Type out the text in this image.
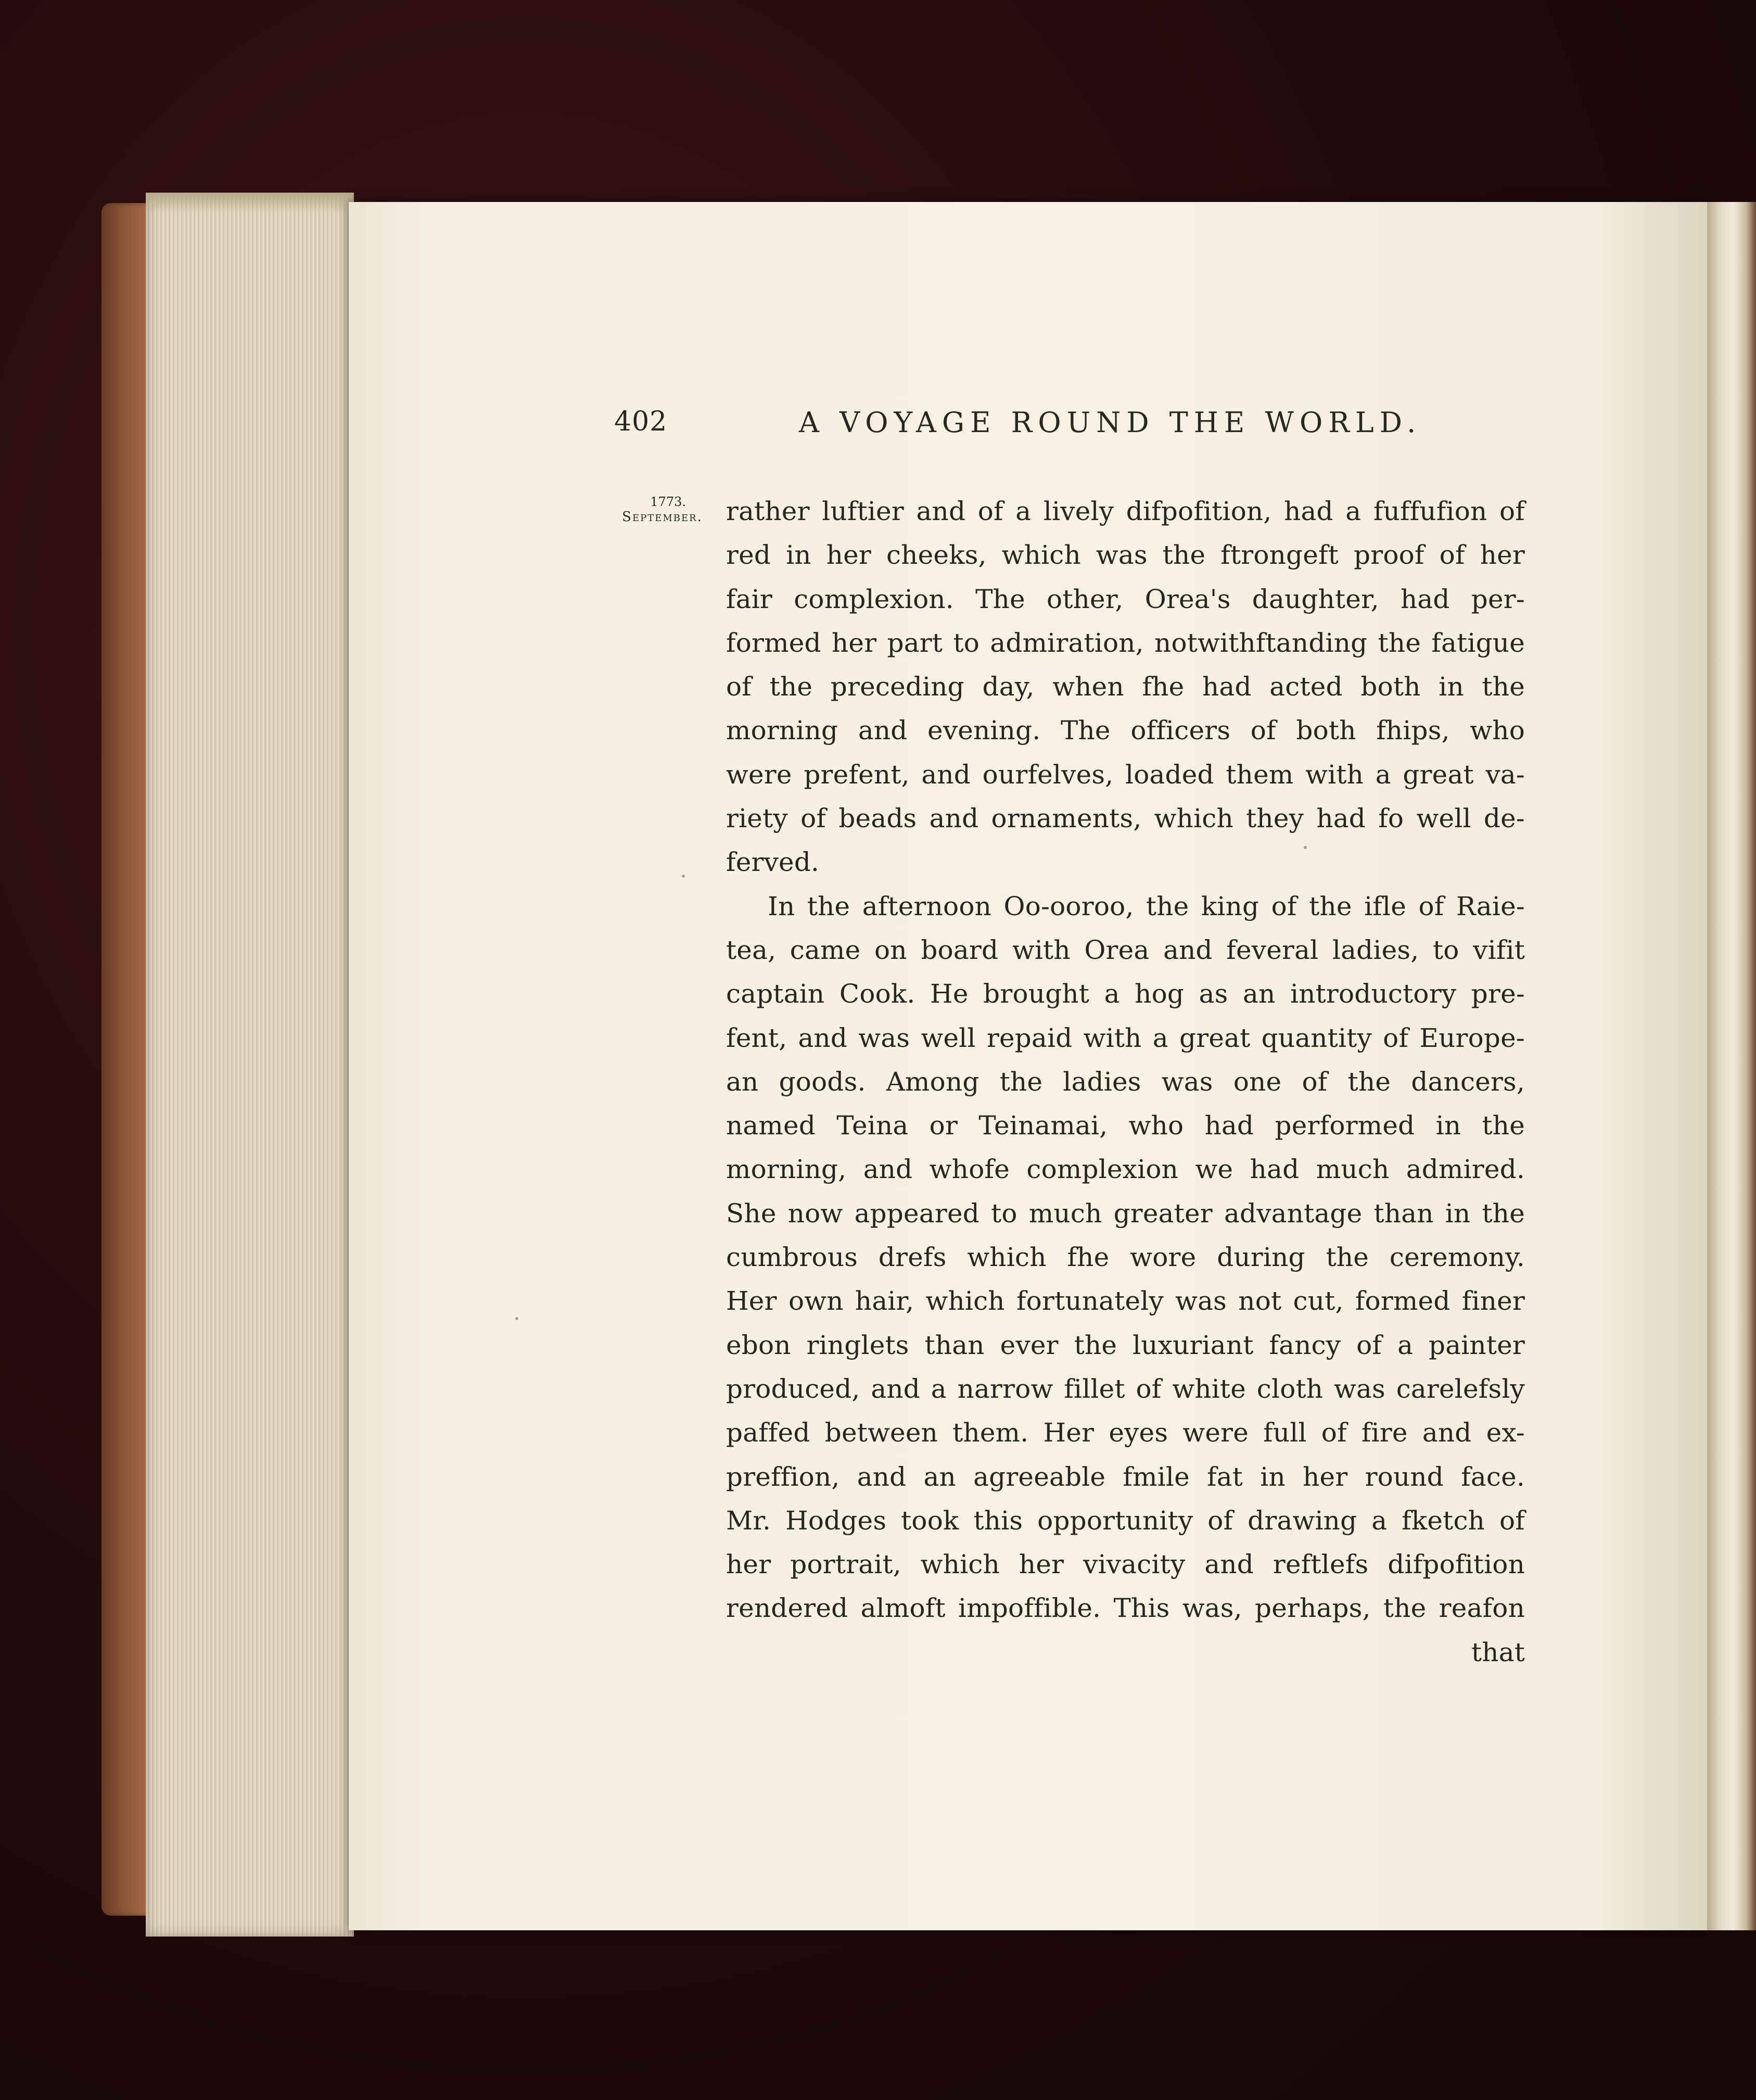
402	A VOYAGE ROUND THE WORLD.
1773.
September. rather luftier and of a lively difpofition, had a fuffufion of
red in her cheeks, which was the ftrongeft proof of her
fair complexion. The other, Orea's daughter, had per-
formed her part to admiration, notwithftanding the fatigue
of the preceding day, when fhe had acted both in the
morning and evening. The officers of both fhips, who
were prefent, and ourfelves, loaded them with a great va-
riety of beads and ornaments, which they had fo well de-
ferved.
In the afternoon Oo-ooroo, the king of the ifle of Raie-
tea, came on board with Orea and feveral ladies, to vifit
captain Cook. He brought a hog as an introductory pre-
fent, and was well repaid with a great quantity of Europe-
an goods. Among the ladies was one of the dancers,
named Teina or Teinamai, who had performed in the
morning, and whofe complexion we had much admired.
She now appeared to much greater advantage than in the
cumbrous drefs which fhe wore during the ceremony.
Her own hair, which fortunately was not cut, formed finer
ebon ringlets than ever the luxuriant fancy of a painter
produced, and a narrow fillet of white cloth was carelefsly
paffed between them. Her eyes were full of fire and ex-
preffion, and an agreeable fmile fat in her round face.
Mr. Hodges took this opportunity of drawing a fketch of
her portrait, which her vivacity and reftlefs difpofition
rendered almoft impoffible. This was, perhaps, the reafon
that
